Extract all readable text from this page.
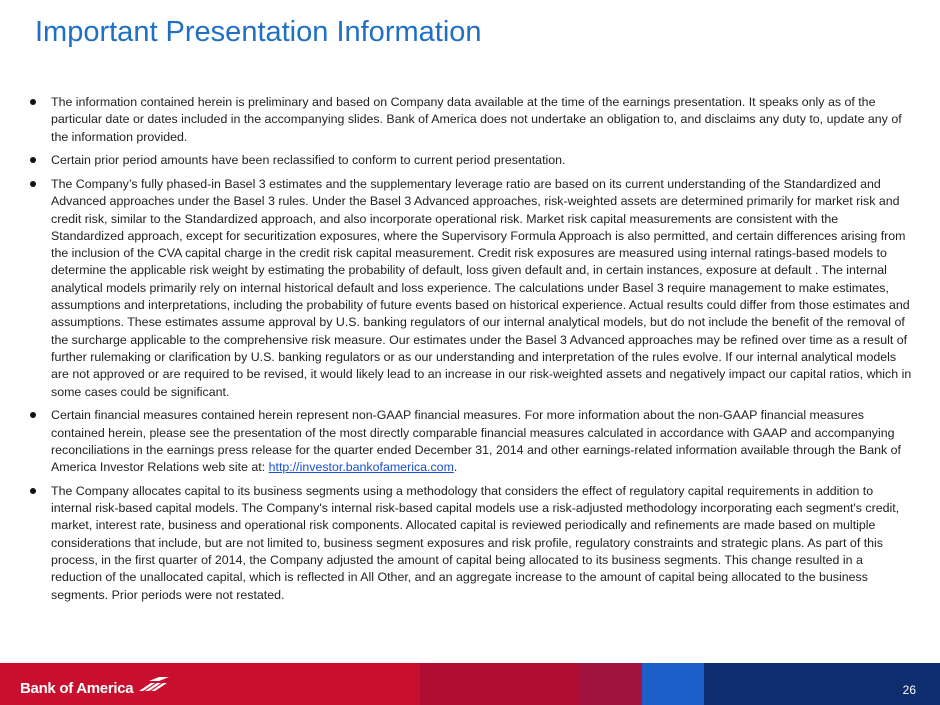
Important Presentation Information
The information contained herein is preliminary and based on Company data available at the time of the earnings presentation. It speaks only as of the particular date or dates included in the accompanying slides. Bank of America does not undertake an obligation to, and disclaims any duty to, update any of the information provided.
Certain prior period amounts have been reclassified to conform to current period presentation.
The Company’s fully phased-in Basel 3 estimates and the supplementary leverage ratio are based on its current understanding of the Standardized and Advanced approaches under the Basel 3 rules. Under the Basel 3 Advanced approaches, risk-weighted assets are determined primarily for market risk and credit risk, similar to the Standardized approach, and also incorporate operational risk. Market risk capital measurements are consistent with the Standardized approach, except for securitization exposures, where the Supervisory Formula Approach is also permitted, and certain differences arising from the inclusion of the CVA capital charge in the credit risk capital measurement. Credit risk exposures are measured using internal ratings-based models to determine the applicable risk weight by estimating the probability of default, loss given default and, in certain instances, exposure at default . The internal analytical models primarily rely on internal historical default and loss experience. The calculations under Basel 3 require management to make estimates, assumptions and interpretations, including the probability of future events based on historical experience. Actual results could differ from those estimates and assumptions. These estimates assume approval by U.S. banking regulators of our internal analytical models, but do not include the benefit of the removal of the surcharge applicable to the comprehensive risk measure. Our estimates under the Basel 3 Advanced approaches may be refined over time as a result of further rulemaking or clarification by U.S. banking regulators or as our understanding and interpretation of the rules evolve. If our internal analytical models are not approved or are required to be revised, it would likely lead to an increase in our risk-weighted assets and negatively impact our capital ratios, which in some cases could be significant.
Certain financial measures contained herein represent non-GAAP financial measures. For more information about the non-GAAP financial measures contained herein, please see the presentation of the most directly comparable financial measures calculated in accordance with GAAP and accompanying reconciliations in the earnings press release for the quarter ended December 31, 2014 and other earnings-related information available through the Bank of America Investor Relations web site at: http://investor.bankofamerica.com.
The Company allocates capital to its business segments using a methodology that considers the effect of regulatory capital requirements in addition to internal risk-based capital models. The Company's internal risk-based capital models use a risk-adjusted methodology incorporating each segment's credit, market, interest rate, business and operational risk components. Allocated capital is reviewed periodically and refinements are made based on multiple considerations that include, but are not limited to, business segment exposures and risk profile, regulatory constraints and strategic plans. As part of this process, in the first quarter of 2014, the Company adjusted the amount of capital being allocated to its business segments. This change resulted in a reduction of the unallocated capital, which is reflected in All Other, and an aggregate increase to the amount of capital being allocated to the business segments. Prior periods were not restated.
Bank of America	26
